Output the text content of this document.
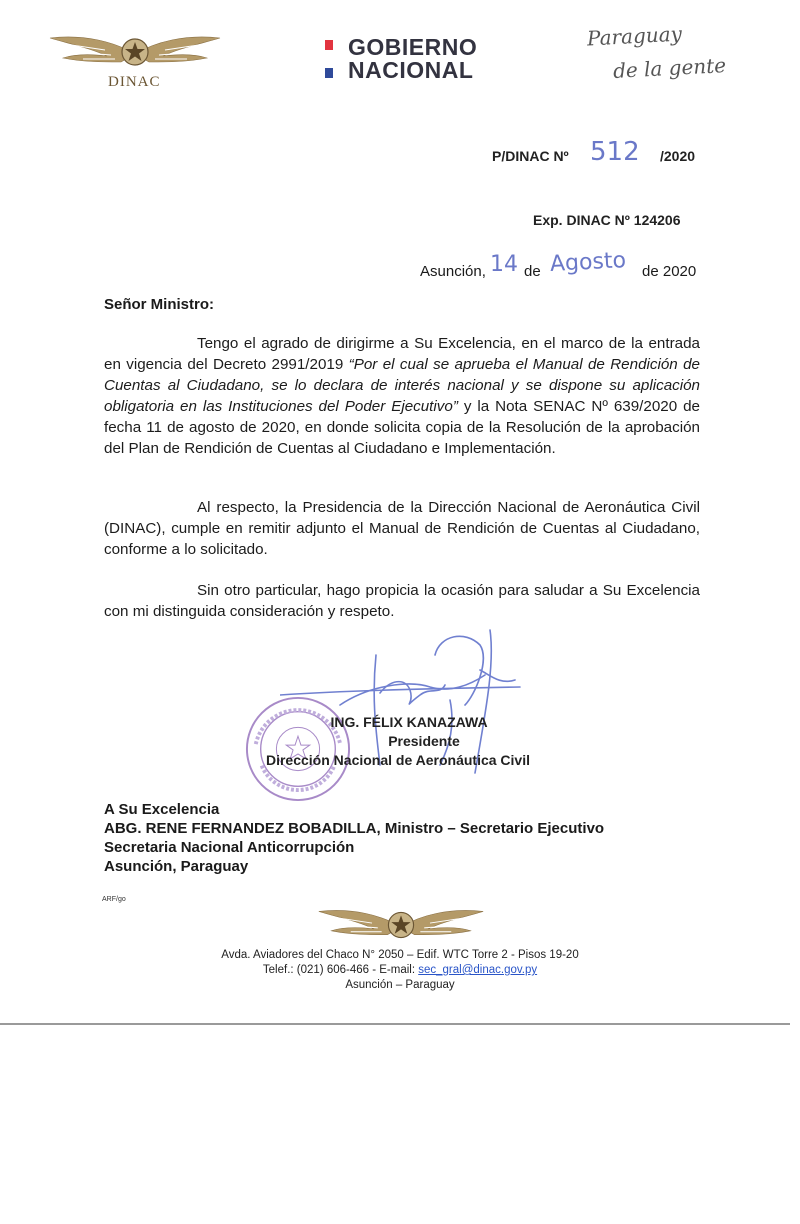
DINAC
GOBIERNO
NACIONAL
Paraguay
de la gente
P/DINAC Nº 512 /2020
Exp. DINAC Nº 124206
Asunción, 14 de Agosto de 2020
Señor Ministro:
Tengo el agrado de dirigirme a Su Excelencia, en el marco de la entrada en vigencia del Decreto 2991/2019 “Por el cual se aprueba el Manual de Rendición de Cuentas al Ciudadano, se lo declara de interés nacional y se dispone su aplicación obligatoria en las Instituciones del Poder Ejecutivo” y la Nota SENAC Nº 639/2020 de fecha 11 de agosto de 2020, en donde solicita copia de la Resolución de la aprobación del Plan de Rendición de Cuentas al Ciudadano e Implementación.
Al respecto, la Presidencia de la Dirección Nacional de Aeronáutica Civil (DINAC), cumple en remitir adjunto el Manual de Rendición de Cuentas al Ciudadano, conforme a lo solicitado.
Sin otro particular, hago propicia la ocasión para saludar a Su Excelencia con mi distinguida consideración y respeto.
ING. FÉLIX KANAZAWA
Presidente
Dirección Nacional de Aeronáutica Civil
A Su Excelencia
ABG. RENE FERNANDEZ BOBADILLA, Ministro – Secretario Ejecutivo
Secretaria Nacional Anticorrupción
Asunción, Paraguay
ARF/go
Avda. Aviadores del Chaco N° 2050 – Edif. WTC Torre 2 - Pisos 19-20
Telef.: (021) 606-466 - E-mail: sec_gral@dinac.gov.py
Asunción – Paraguay
